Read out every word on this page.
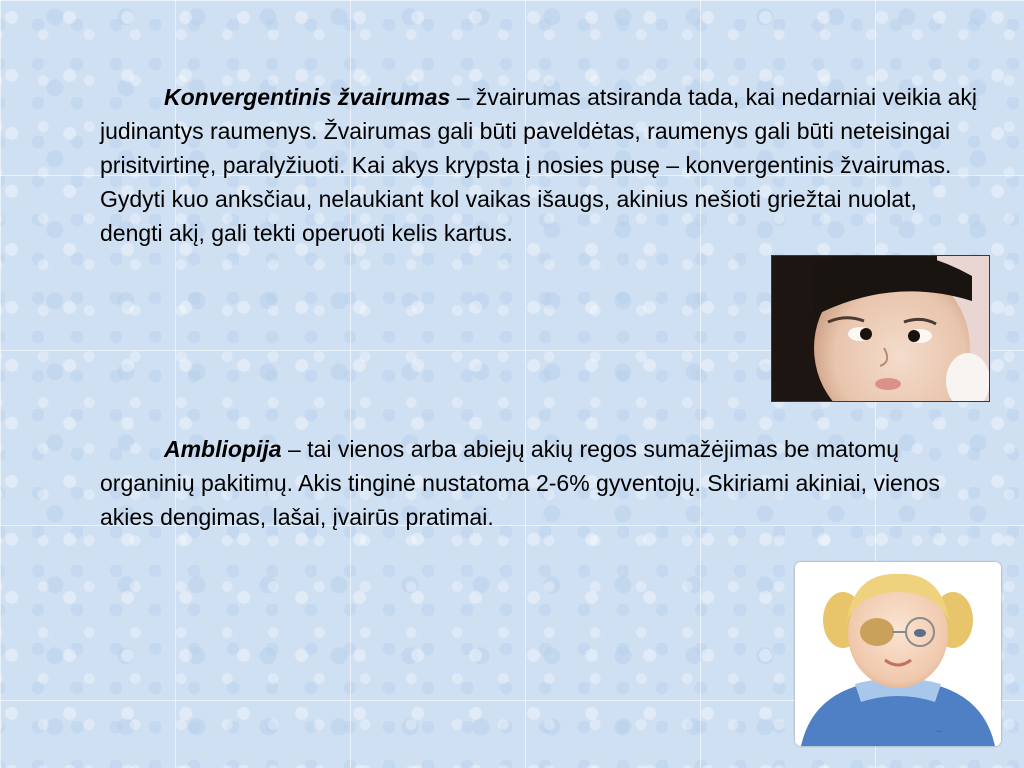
Konvergentinis žvairumas – žvairumas atsiranda tada, kai nedarniai veikia akį judinantys raumenys. Žvairumas gali būti paveldėtas, raumenys gali būti neteisingai prisitvirtinę, paralyžiuoti. Kai akys krypsta į nosies pusę – konvergentinis žvairumas. Gydyti kuo anksčiau, nelaukiant kol vaikas išaugs, akinius nešioti griežtai nuolat, dengti akį, gali tekti operuoti kelis kartus.

Ambliopija – tai vienos arba abiejų akių regos sumažėjimas be matomų organinių pakitimų. Akis tinginė nustatoma 2-6% gyventojų. Skiriami akiniai, vienos akies dengimas, lašai, įvairūs pratimai.

~
